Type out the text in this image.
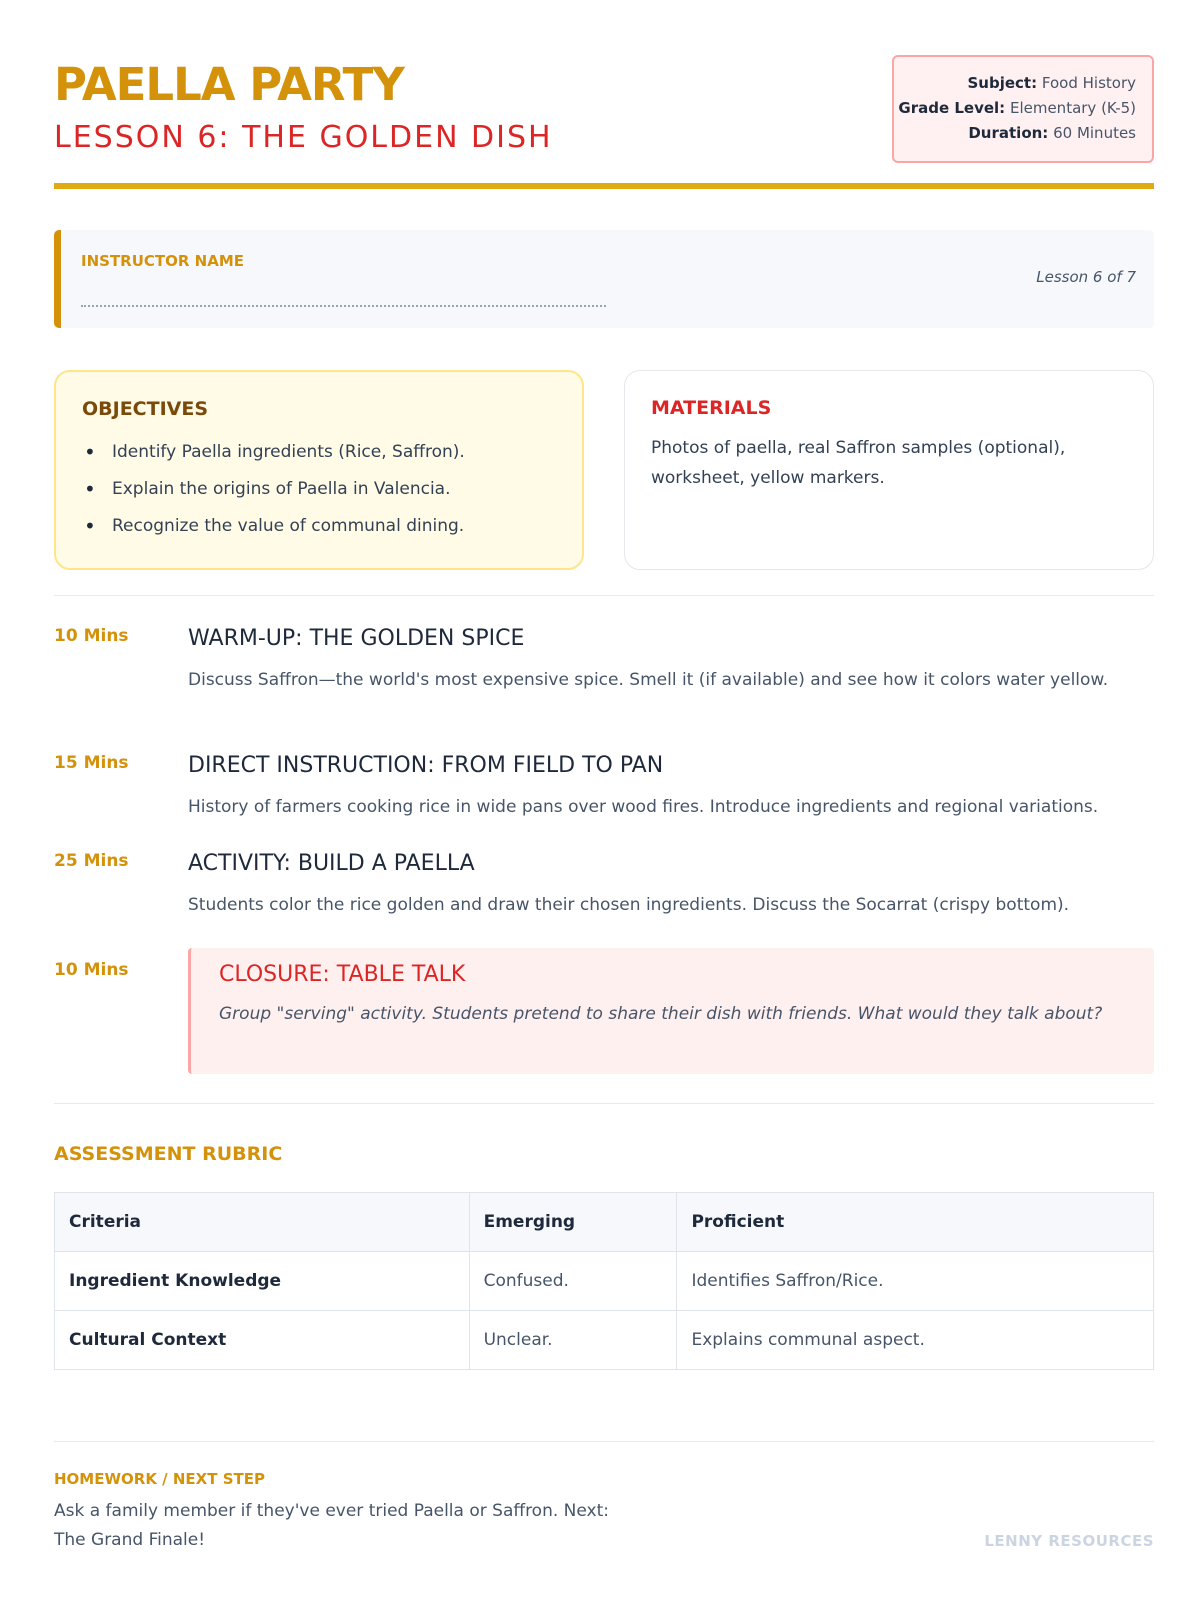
PAELLA PARTY
LESSON 6: THE GOLDEN DISH
Subject: Food History
Grade Level: Elementary (K-5)
Duration: 60 Minutes
INSTRUCTOR NAME
Lesson 6 of 7
OBJECTIVES
• Identify Paella ingredients (Rice, Saffron).
• Explain the origins of Paella in Valencia.
• Recognize the value of communal dining.
MATERIALS
Photos of paella, real Saffron samples (optional), worksheet, yellow markers.
10 Mins	WARM-UP: THE GOLDEN SPICE
Discuss Saffron—the world's most expensive spice. Smell it (if available) and see how it colors water yellow.
15 Mins	DIRECT INSTRUCTION: FROM FIELD TO PAN
History of farmers cooking rice in wide pans over wood fires. Introduce ingredients and regional variations.
25 Mins	ACTIVITY: BUILD A PAELLA
Students color the rice golden and draw their chosen ingredients. Discuss the Socarrat (crispy bottom).
10 Mins	CLOSURE: TABLE TALK
Group "serving" activity. Students pretend to share their dish with friends. What would they talk about?
ASSESSMENT RUBRIC
Criteria	Emerging	Proficient
Ingredient Knowledge	Confused.	Identifies Saffron/Rice.
Cultural Context	Unclear.	Explains communal aspect.
HOMEWORK / NEXT STEP
Ask a family member if they've ever tried Paella or Saffron. Next: The Grand Finale!	LENNY RESOURCES
